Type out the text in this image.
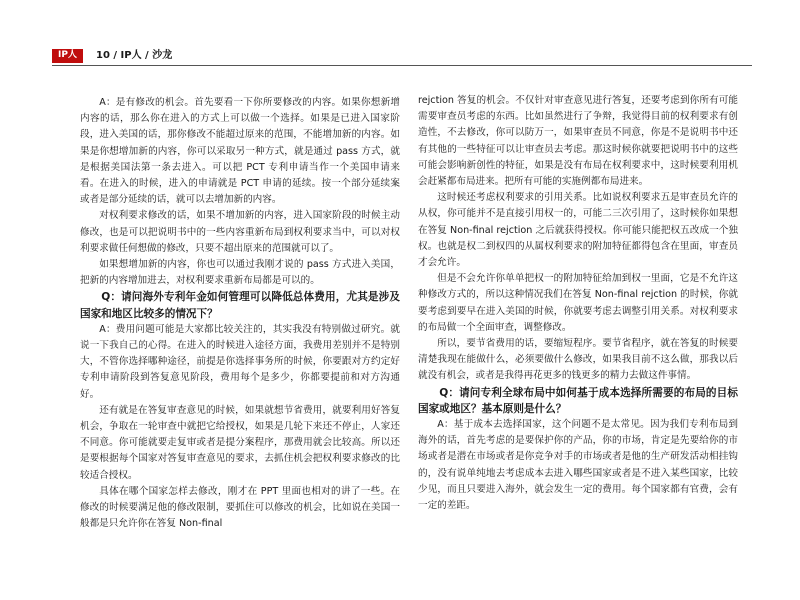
IP人	10 / IP人 / 沙龙

A：是有修改的机会。首先要看一下你所要修改的内容。如果你想新增内容的话，那么你在进入的方式上可以做一个选择。如果是已进入国家阶段，进入美国的话，那你修改不能超过原来的范围，不能增加新的内容。如果是你想增加新的内容，你可以采取另一种方式，就是通过 pass 方式，就是根据美国法第一条去进入。可以把 PCT 专利申请当作一个美国申请来看。在进入的时候，进入的申请就是 PCT 申请的延续。按一个部分延续案或者是部分延续的话，就可以去增加新的内容。

对权利要求修改的话，如果不增加新的内容，进入国家阶段的时候主动修改，也是可以把说明书中的一些内容重新布局到权利要求当中，可以对权利要求做任何想做的修改，只要不超出原来的范围就可以了。

如果想增加新的内容，你也可以通过我刚才说的 pass 方式进入美国，把新的内容增加进去，对权利要求重新布局都是可以的。

Q：请问海外专利年金如何管理可以降低总体费用，尤其是涉及国家和地区比较多的情况下？

A：费用问题可能是大家都比较关注的，其实我没有特别做过研究。就说一下我自己的心得。在进入的时候进入途径方面，我费用差别并不是特别大，不管你选择哪种途径，前提是你选择事务所的时候，你要跟对方约定好专利申请阶段到答复意见阶段，费用每个是多少，你都要提前和对方沟通好。

还有就是在答复审查意见的时候，如果就想节省费用，就要利用好答复机会，争取在一轮审查中就把它给授权，如果是几轮下来还不停止，人家还不同意。你可能就要走复审或者是提分案程序，那费用就会比较高。所以还是要根据每个国家对答复审查意见的要求，去抓住机会把权利要求修改的比较适合授权。

具体在哪个国家怎样去修改，刚才在 PPT 里面也相对的讲了一些。在修改的时候要满足他的修改限制，要抓住可以修改的机会，比如说在美国一般都是只允许你在答复 Non-final

rejction 答复的机会。不仅针对审查意见进行答复，还要考虑到你所有可能需要审查员考虑的东西。比如虽然进行了争辩，我觉得目前的权利要求有创造性，不去修改，你可以防万一，如果审查员不同意，你是不是说明书中还有其他的一些特征可以让审查员去考虑。那这时候你就要把说明书中的这些可能会影响新创性的特征，如果是没有布局在权利要求中，这时候要利用机会赶紧都布局进来。把所有可能的实施例都布局进来。

这时候还考虑权利要求的引用关系。比如说权利要求五是审查员允许的从权，你可能并不是直接引用权一的，可能二三次引用了，这时候你如果想在答复 Non-final rejction 之后就获得授权。你可能只能把权五改成一个独权。也就是权二到权四的从属权利要求的附加特征都得包含在里面，审查员才会允许。

但是不会允许你单单把权一的附加特征给加到权一里面，它是不允许这种修改方式的，所以这种情况我们在答复 Non-final rejction 的时候，你就要考虑到要早在进入美国的时候，你就要考虑去调整引用关系。对权利要求的布局做一个全面审查，调整修改。

所以，要节省费用的话，要缩短程序。要节省程序，就在答复的时候要清楚我现在能做什么，必须要做什么修改，如果我目前不这么做，那我以后就没有机会，或者是我得再花更多的钱更多的精力去做这件事情。

Q：请问专利全球布局中如何基于成本选择所需要的布局的目标国家或地区？基本原则是什么？

A：基于成本去选择国家，这个问题不是太常见。因为我们专利布局到海外的话，首先考虑的是要保护你的产品，你的市场，肯定是先要给你的市场或者是潜在市场或者是你竞争对手的市场或者是他的生产研发活动相挂钩的，没有说单纯地去考虑成本去进入哪些国家或者是不进入某些国家，比较少见，而且只要进入海外，就会发生一定的费用。每个国家都有官费，会有一定的差距。
